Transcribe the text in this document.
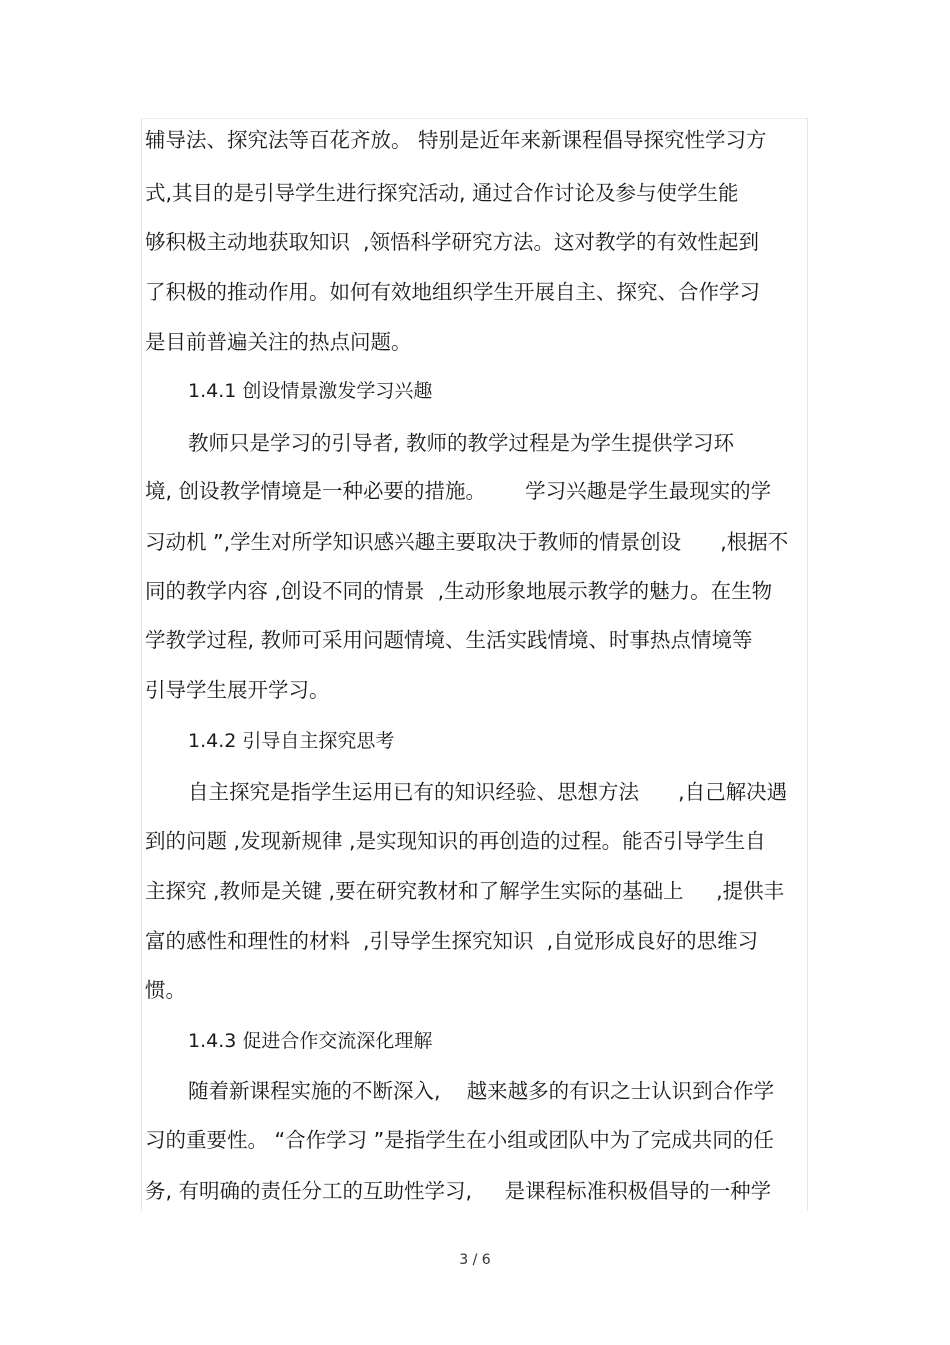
辅导法、探究法等百花齐放。 特别是近年来新课程倡导探究性学习方
式,其目的是引导学生进行探究活动, 通过合作讨论及参与使学生能
够积极主动地获取知识  ,领悟科学研究方法。这对教学的有效性起到
了积极的推动作用。如何有效地组织学生开展自主、探究、合作学习
是目前普遍关注的热点问题。
1.4.1 创设情景激发学习兴趣
教师只是学习的引导者, 教师的教学过程是为学生提供学习环
境, 创设教学情境是一种必要的措施。      学习兴趣是学生最现实的学
习动机 ”,学生对所学知识感兴趣主要取决于教师的情景创设      ,根据不
同的教学内容 ,创设不同的情景  ,生动形象地展示教学的魅力。在生物
学教学过程, 教师可采用问题情境、生活实践情境、时事热点情境等
引导学生展开学习。
1.4.2 引导自主探究思考
自主探究是指学生运用已有的知识经验、思想方法      ,自己解决遇
到的问题 ,发现新规律 ,是实现知识的再创造的过程。能否引导学生自
主探究 ,教师是关键 ,要在研究教材和了解学生实际的基础上     ,提供丰
富的感性和理性的材料  ,引导学生探究知识  ,自觉形成良好的思维习
惯。
1.4.3 促进合作交流深化理解
随着新课程实施的不断深入,    越来越多的有识之士认识到合作学
习的重要性。 “合作学习 ”是指学生在小组或团队中为了完成共同的任
务, 有明确的责任分工的互助性学习,     是课程标准积极倡导的一种学
3 / 6
